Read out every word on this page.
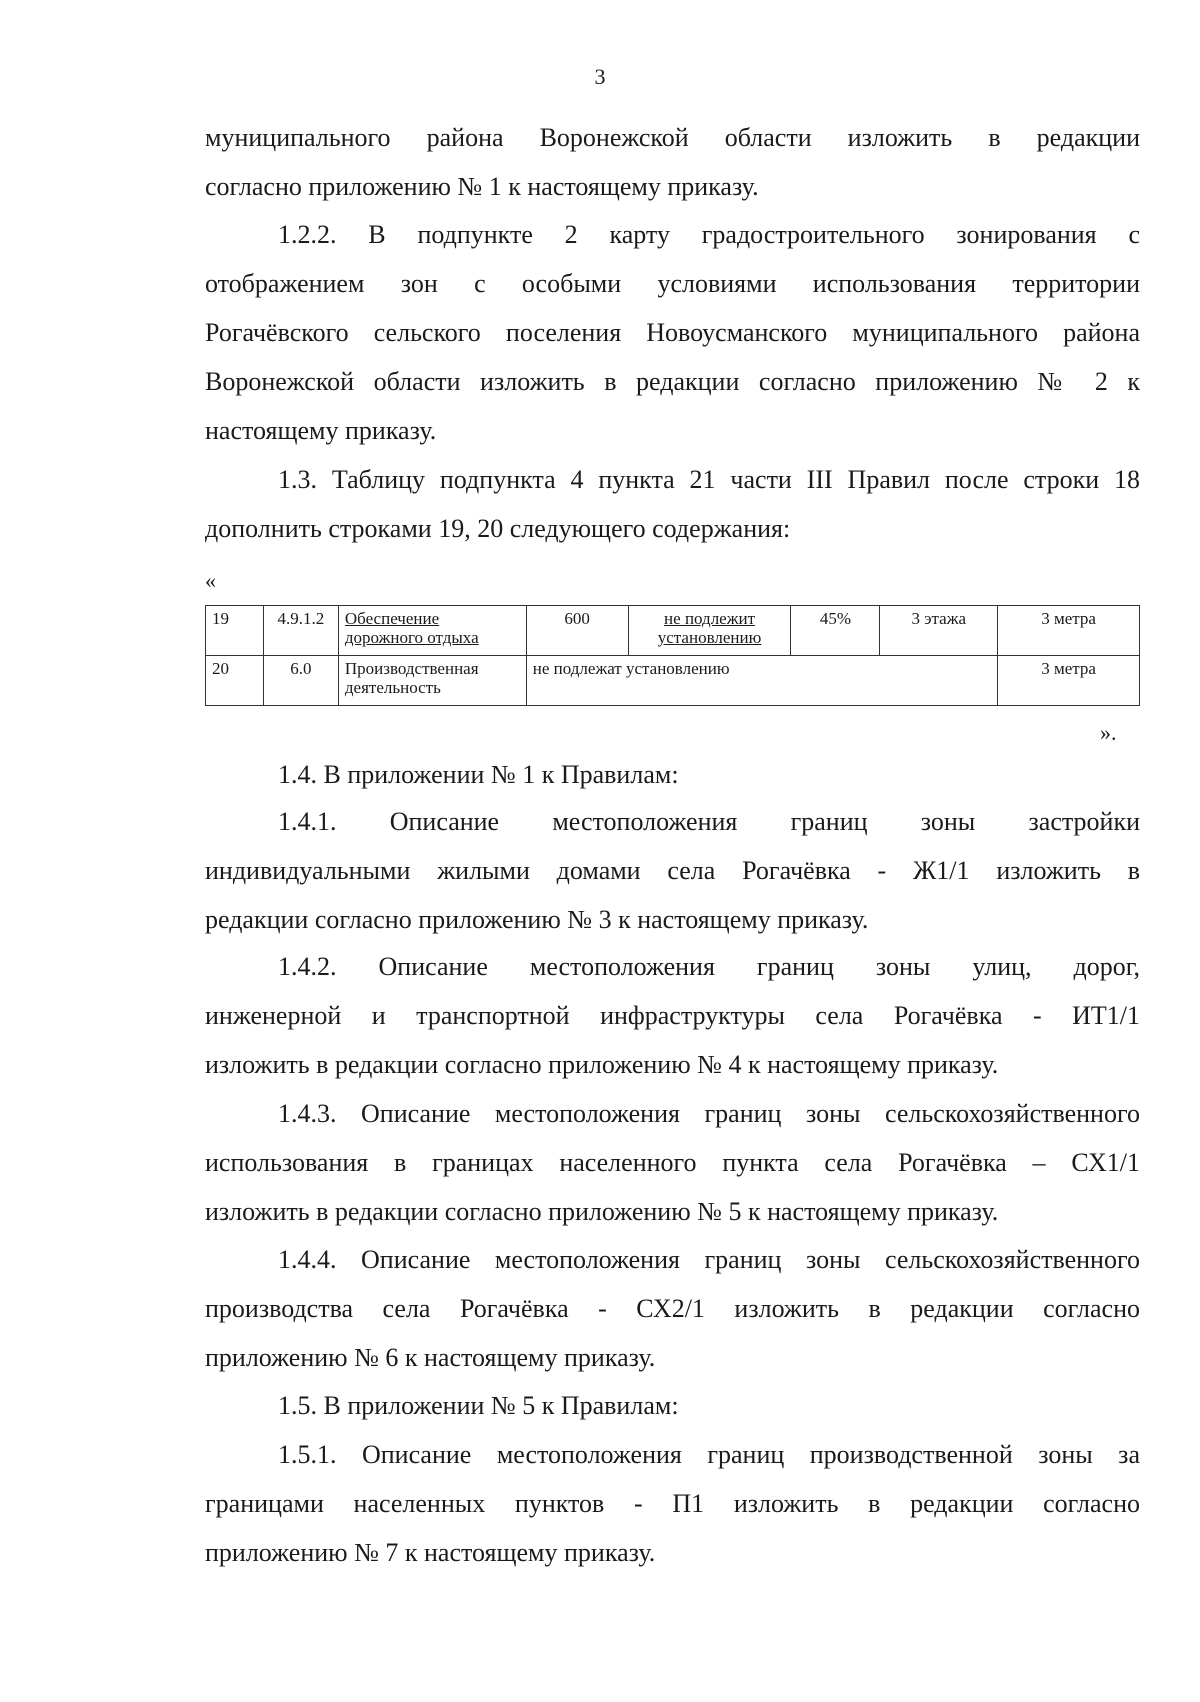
3
муниципального района Воронежской области изложить в редакции
согласно приложению № 1 к настоящему приказу.
1.2.2. В подпункте 2 карту градостроительного зонирования с
отображением зон с особыми условиями использования территории
Рогачёвского сельского поселения Новоусманского муниципального района
Воронежской области изложить в редакции согласно приложению № 2 к
настоящему приказу.
1.3. Таблицу подпункта 4 пункта 21 части III Правил после строки 18
дополнить строками 19, 20 следующего содержания:
«
19	4.9.1.2	Обеспечение дорожного отдыха	600	не подлежит установлению	45%	3 этажа	3 метра
20	6.0	Производственная деятельность	не подлежат установлению				3 метра
».
1.4. В приложении № 1 к Правилам:
1.4.1. Описание местоположения границ зоны застройки
индивидуальными жилыми домами села Рогачёвка - Ж1/1 изложить в
редакции согласно приложению № 3 к настоящему приказу.
1.4.2. Описание местоположения границ зоны улиц, дорог,
инженерной и транспортной инфраструктуры села Рогачёвка - ИТ1/1
изложить в редакции согласно приложению № 4 к настоящему приказу.
1.4.3. Описание местоположения границ зоны сельскохозяйственного
использования в границах населенного пункта села Рогачёвка – СХ1/1
изложить в редакции согласно приложению № 5 к настоящему приказу.
1.4.4. Описание местоположения границ зоны сельскохозяйственного
производства села Рогачёвка - СХ2/1 изложить в редакции согласно
приложению № 6 к настоящему приказу.
1.5. В приложении № 5 к Правилам:
1.5.1. Описание местоположения границ производственной зоны за
границами населенных пунктов - П1 изложить в редакции согласно
приложению № 7 к настоящему приказу.
